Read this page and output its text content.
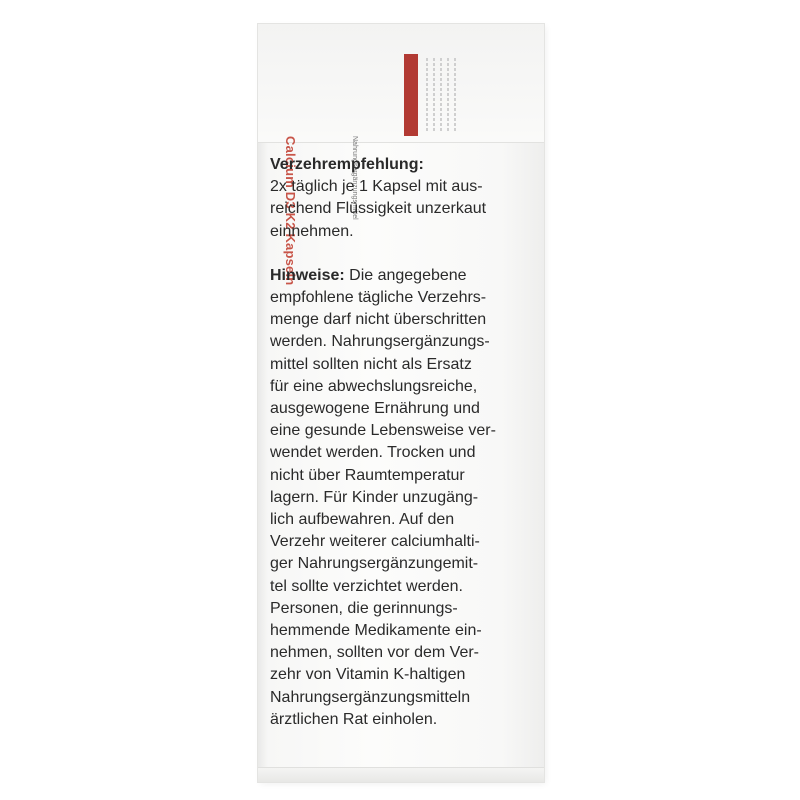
Calcium D3 K2 Kapseln	Nahrungsergänzungsmittel

Verzehrempfehlung:

2x täglich je 1 Kapsel mit aus-

reichend Flüssigkeit unzerkaut

einnehmen.

Hinweise: Die angegebene

empfohlene tägliche Verzehrs-

menge darf nicht überschritten

werden. Nahrungsergänzungs-

mittel sollten nicht als Ersatz

für eine abwechslungsreiche,

ausgewogene Ernährung und

eine gesunde Lebensweise ver-

wendet werden. Trocken und

nicht über Raumtemperatur

lagern. Für Kinder unzugäng-

lich aufbewahren. Auf den

Verzehr weiterer calciumhalti-

ger Nahrungsergänzungemit-

tel sollte verzichtet werden.

Personen, die gerinnungs-

hemmende Medikamente ein-

nehmen, sollten vor dem Ver-

zehr von Vitamin K-haltigen

Nahrungsergänzungsmitteln

ärztlichen Rat einholen.
